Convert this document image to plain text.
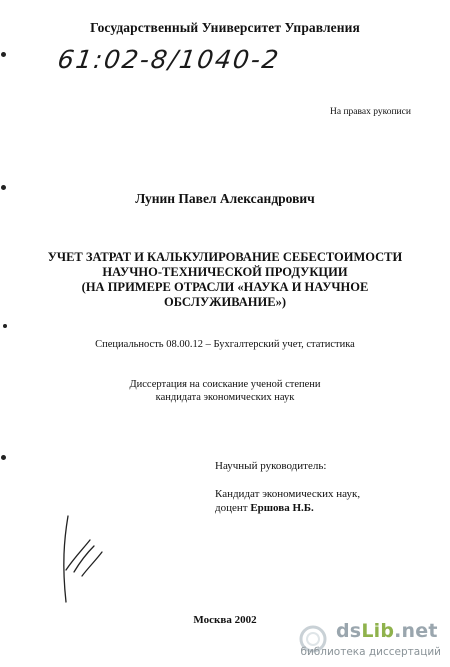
Государственный Университет Управления
61:02-8/1040-2
На правах рукописи
Лунин Павел Александрович
УЧЕТ ЗАТРАТ И КАЛЬКУЛИРОВАНИЕ СЕБЕСТОИМОСТИ
НАУЧНО-ТЕХНИЧЕСКОЙ ПРОДУКЦИИ
(НА ПРИМЕРЕ ОТРАСЛИ «НАУКА И НАУЧНОЕ
ОБСЛУЖИВАНИЕ»)
Специальность 08.00.12 – Бухгалтерский учет, статистика
Диссертация на соискание ученой степени
кандидата экономических наук
Научный руководитель:
Кандидат экономических наук,
доцент Ершова Н.Б.
Москва 2002	dsLib.net
библиотека диссертаций
